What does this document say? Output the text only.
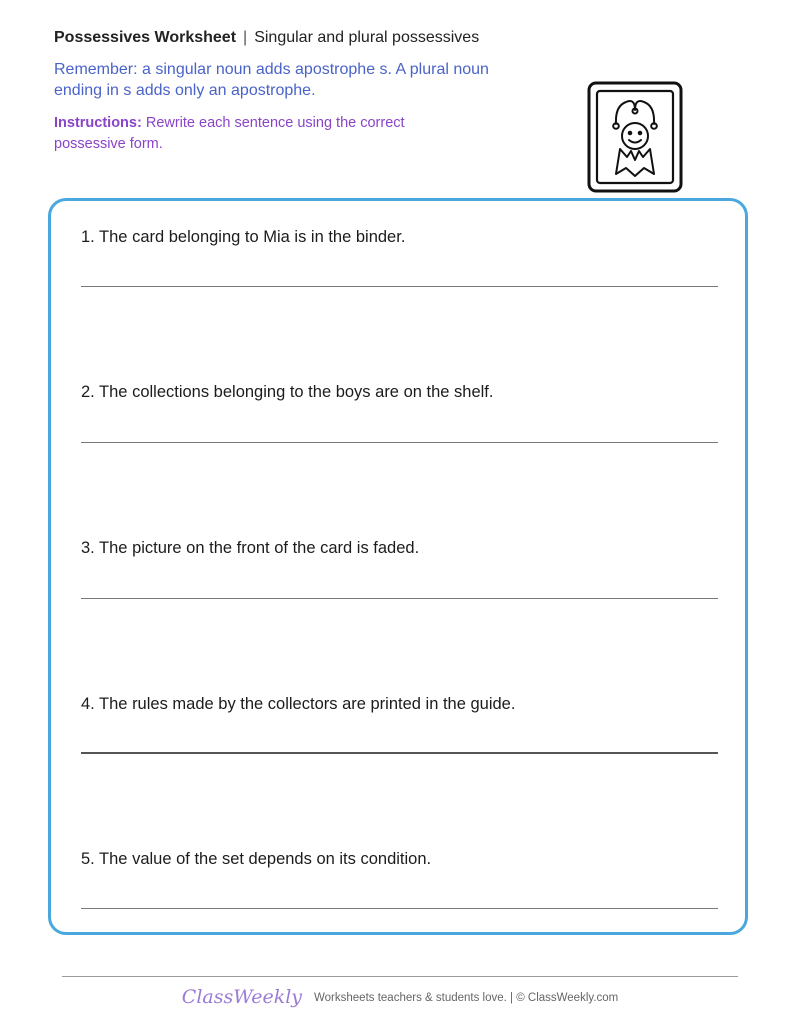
Possessives Worksheet | Singular and plural possessives
Remember: a singular noun adds apostrophe s. A plural noun ending in s adds only an apostrophe.
Instructions: Rewrite each sentence using the correct possessive form.
1. The card belonging to Mia is in the binder.
2. The collections belonging to the boys are on the shelf.
3. The picture on the front of the card is faded.
4. The rules made by the collectors are printed in the guide.
5. The value of the set depends on its condition.
ClassWeekly Worksheets teachers & students love. | © ClassWeekly.com
